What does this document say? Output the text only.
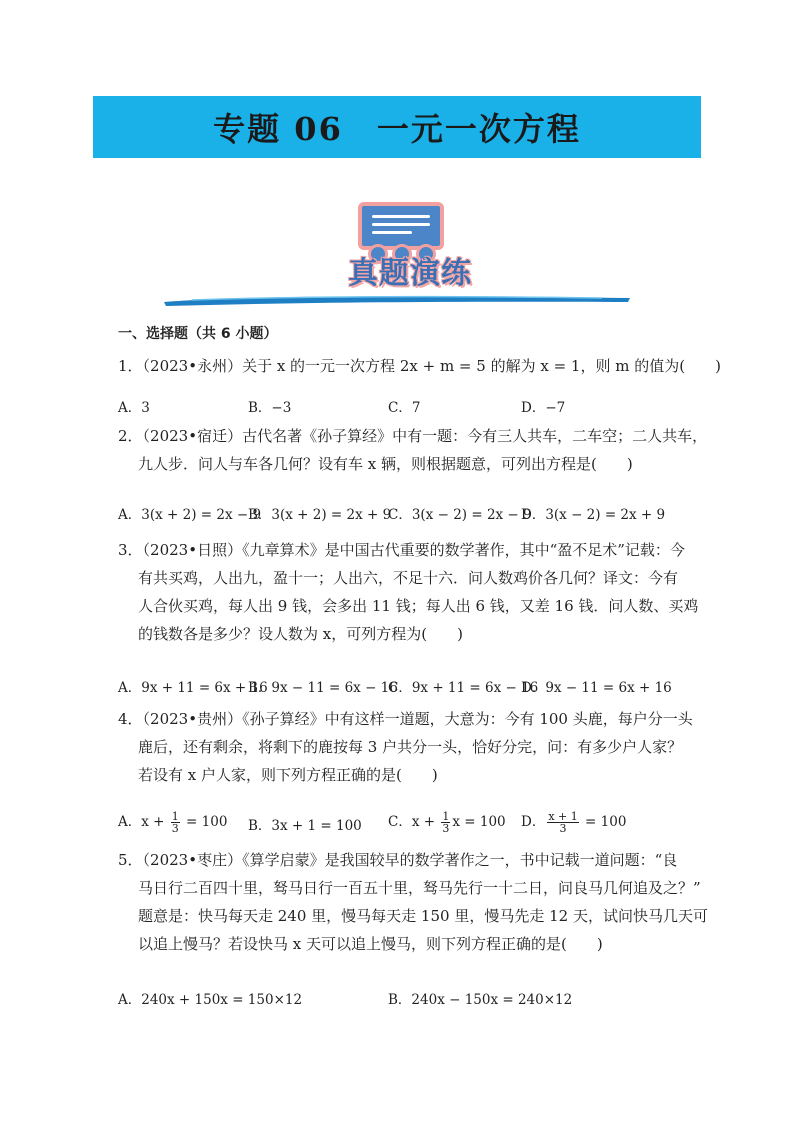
专题 06　一元一次方程
真题演练
一、选择题（共 6 小题）
1．（2023•永州）关于 x 的一元一次方程 2x + m = 5 的解为 x = 1，则 m 的值为(　　)
A．3	B．−3	C．7	D．−7
2．（2023•宿迁）古代名著《孙子算经》中有一题：今有三人共车，二车空；二人共车，
九人步．问人与车各几何？设有车 x 辆，则根据题意，可列出方程是(　　)
A．3(x + 2) = 2x − 9
B．3(x + 2) = 2x + 9
C．3(x − 2) = 2x − 9
D．3(x − 2) = 2x + 9
3．（2023•日照）《九章算术》是中国古代重要的数学著作，其中“盈不足术”记载：今
有共买鸡，人出九，盈十一；人出六，不足十六．问人数鸡价各几何？译文：今有
人合伙买鸡，每人出 9 钱，会多出 11 钱；每人出 6 钱，又差 16 钱．问人数、买鸡
的钱数各是多少？设人数为 x，可列方程为(　　)
A．9x + 11 = 6x + 16
B．9x − 11 = 6x − 16
C．9x + 11 = 6x − 16
D．9x − 11 = 6x + 16
4．（2023•贵州）《孙子算经》中有这样一道题，大意为：今有 100 头鹿，每户分一头
鹿后，还有剩余，将剩下的鹿按每 3 户共分一头，恰好分完，问：有多少户人家？
若设有 x 户人家，则下列方程正确的是(　　)
A．$x + \frac{1}{3} = 100$ B．3x + 1 = 100 C．$x + \frac{1}{3}$ x = 100 D． $\frac{x + 1}{3} = 100$
5．（2023•枣庄）《算学启蒙》是我国较早的数学著作之一，书中记载一道问题：“良
马日行二百四十里，驽马日行一百五十里，驽马先行一十二日，问良马几何追及之？”
题意是：快马每天走 240 里，慢马每天走 150 里，慢马先走 12 天，试问快马几天可
以追上慢马？若设快马 x 天可以追上慢马，则下列方程正确的是(　　)
A．240x + 150x = 150×12	B．240x − 150x = 240×12
